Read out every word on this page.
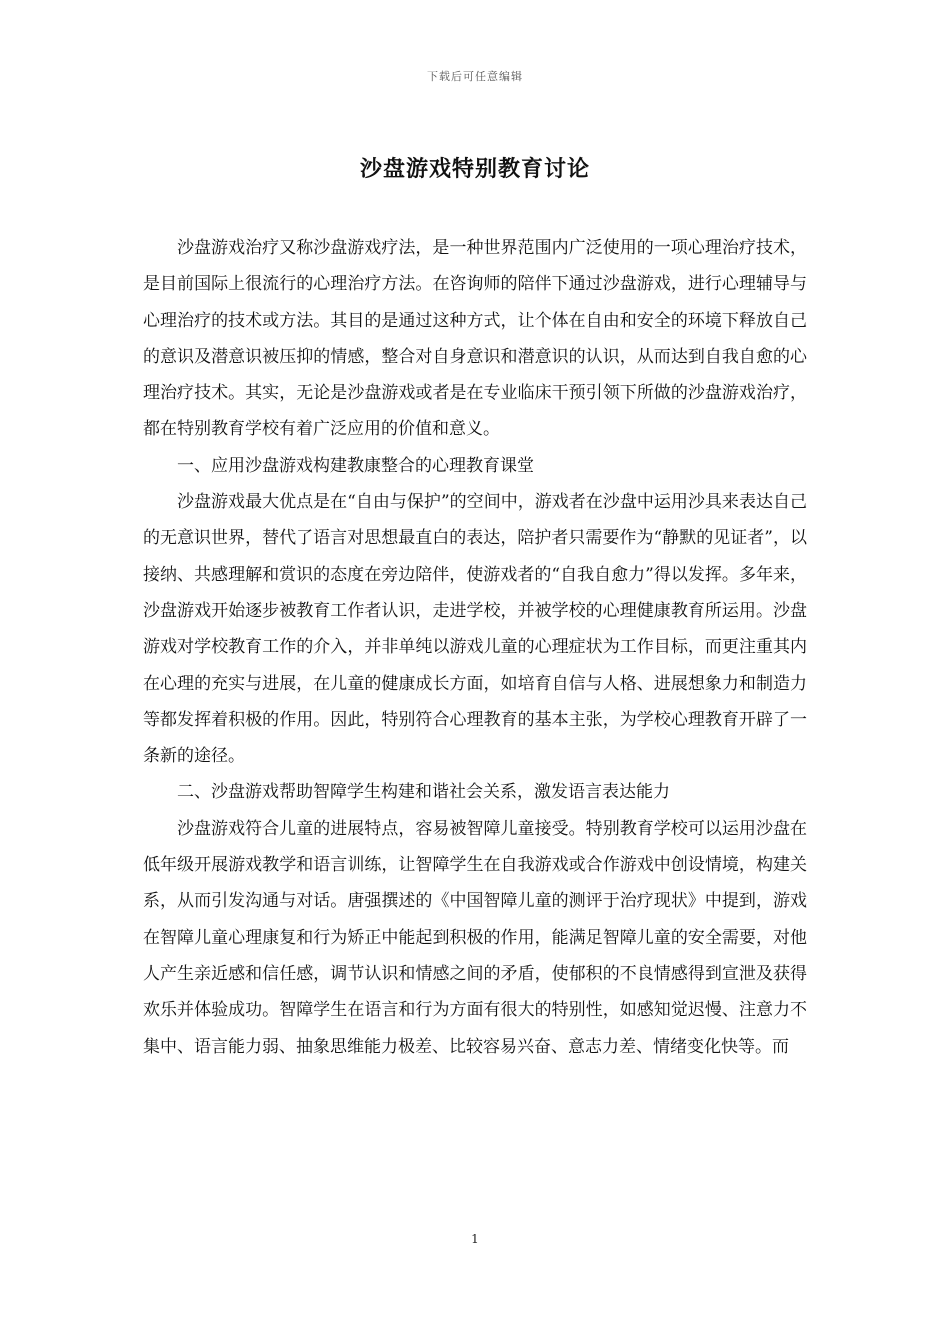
下载后可任意编辑
沙盘游戏特别教育讨论

沙盘游戏治疗又称沙盘游戏疗法，是一种世界范围内广泛使用的一项心理治疗技术，是目前国际上很流行的心理治疗方法。在咨询师的陪伴下通过沙盘游戏，进行心理辅导与心理治疗的技术或方法。其目的是通过这种方式，让个体在自由和安全的环境下释放自己的意识及潜意识被压抑的情感，整合对自身意识和潜意识的认识，从而达到自我自愈的心理治疗技术。其实，无论是沙盘游戏或者是在专业临床干预引领下所做的沙盘游戏治疗，都在特别教育学校有着广泛应用的价值和意义。

一、应用沙盘游戏构建教康整合的心理教育课堂

沙盘游戏最大优点是在“自由与保护”的空间中，游戏者在沙盘中运用沙具来表达自己的无意识世界，替代了语言对思想最直白的表达，陪护者只需要作为“静默的见证者”，以接纳、共感理解和赏识的态度在旁边陪伴，使游戏者的“自我自愈力”得以发挥。多年来，沙盘游戏开始逐步被教育工作者认识，走进学校，并被学校的心理健康教育所运用。沙盘游戏对学校教育工作的介入，并非单纯以游戏儿童的心理症状为工作目标，而更注重其内在心理的充实与进展，在儿童的健康成长方面，如培育自信与人格、进展想象力和制造力等都发挥着积极的作用。因此，特别符合心理教育的基本主张，为学校心理教育开辟了一条新的途径。

二、沙盘游戏帮助智障学生构建和谐社会关系，激发语言表达能力

沙盘游戏符合儿童的进展特点，容易被智障儿童接受。特别教育学校可以运用沙盘在低年级开展游戏教学和语言训练，让智障学生在自我游戏或合作游戏中创设情境，构建关系，从而引发沟通与对话。唐强撰述的《中国智障儿童的测评于治疗现状》中提到，游戏在智障儿童心理康复和行为矫正中能起到积极的作用，能满足智障儿童的安全需要，对他人产生亲近感和信任感，调节认识和情感之间的矛盾，使郁积的不良情感得到宣泄及获得欢乐并体验成功。智障学生在语言和行为方面有很大的特别性，如感知觉迟慢、注意力不集中、语言能力弱、抽象思维能力极差、比较容易兴奋、意志力差、情绪变化快等。而

1
